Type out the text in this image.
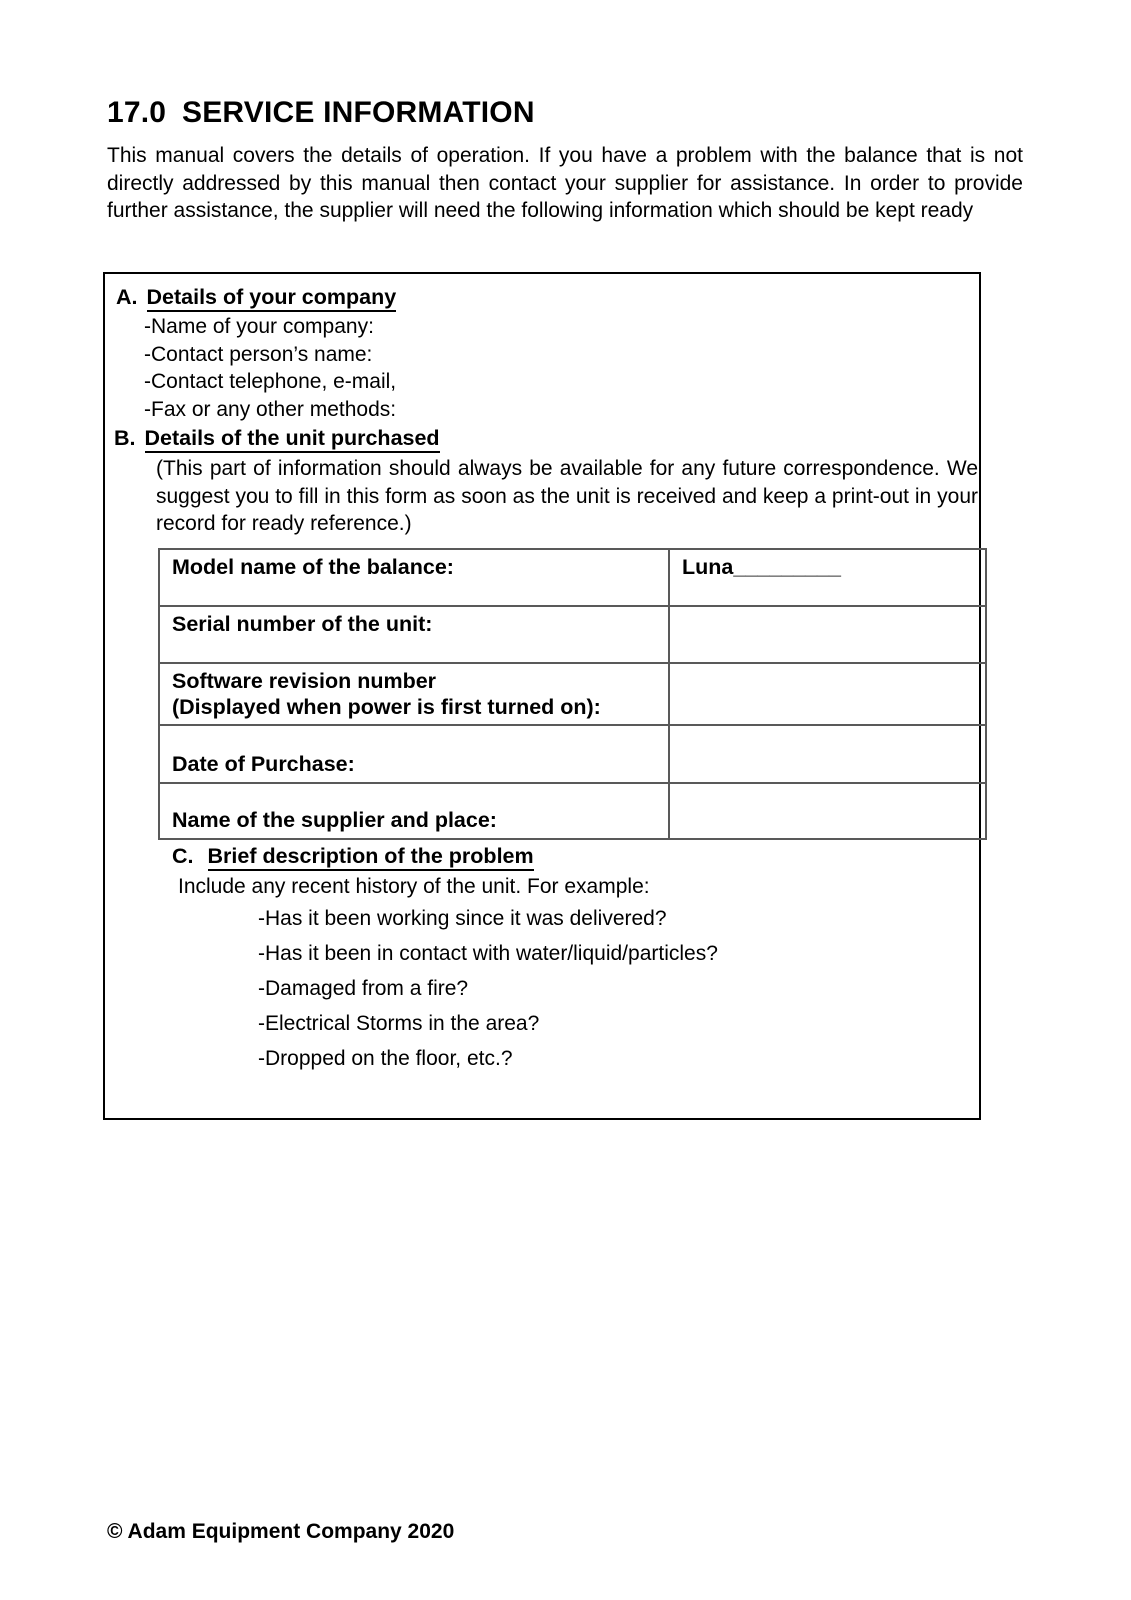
17.0 SERVICE INFORMATION
This manual covers the details of operation. If you have a problem with the balance that is not directly addressed by this manual then contact your supplier for assistance. In order to provide further assistance, the supplier will need the following information which should be kept ready
A. Details of your company
-Name of your company:
-Contact person’s name:
-Contact telephone, e-mail,
-Fax or any other methods:
B. Details of the unit purchased
(This part of information should always be available for any future correspondence. We suggest you to fill in this form as soon as the unit is received and keep a print-out in your record for ready reference.)
Model name of the balance:	Luna_________
Serial number of the unit:	

Software revision number
(Displayed when power is first turned on):	

Date of Purchase:	
Name of the supplier and place:	
C. Brief description of the problem
Include any recent history of the unit. For example:
-Has it been working since it was delivered?
-Has it been in contact with water/liquid/particles?
-Damaged from a fire?
-Electrical Storms in the area?
-Dropped on the floor, etc.?
© Adam Equipment Company 2020
